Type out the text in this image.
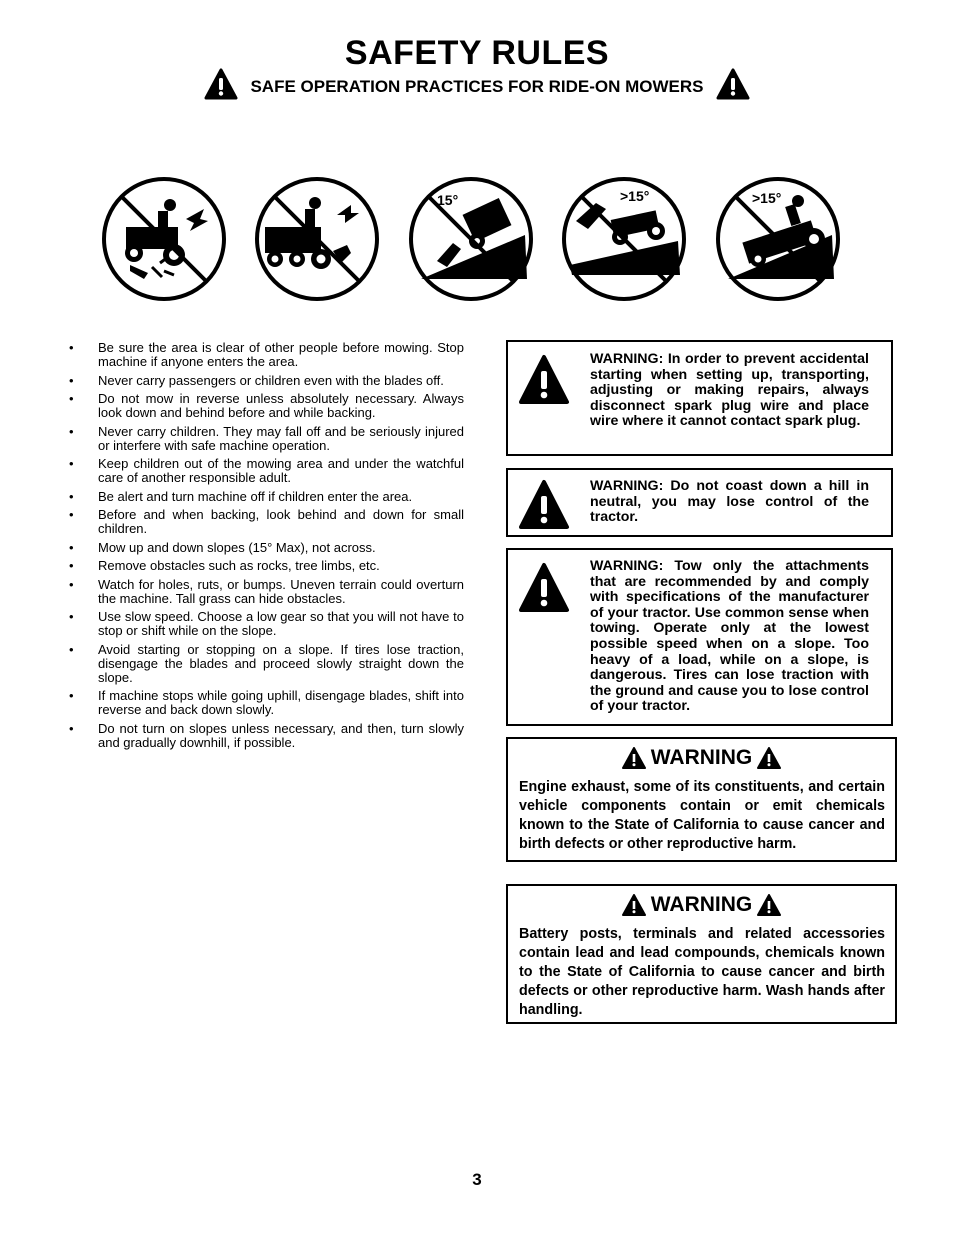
SAFETY RULES
SAFE OPERATION PRACTICES FOR RIDE-ON MOWERS
15°	>15°	>15°
• Be sure the area is clear of other people before mowing. Stop machine if anyone enters the area.
• Never carry passengers or children even with the blades off.
• Do not mow in reverse unless absolutely necessary. Always look down and behind before and while backing.
• Never carry children. They may fall off and be seriously injured or interfere with safe machine operation.
• Keep children out of the mowing area and under the watchful care of another responsible adult.
• Be alert and turn machine off if children enter the area.
• Before and when backing, look behind and down for small children.
• Mow up and down slopes (15° Max), not across.
• Remove obstacles such as rocks, tree limbs, etc.
• Watch for holes, ruts, or bumps. Uneven terrain could overturn the machine. Tall grass can hide obstacles.
• Use slow speed. Choose a low gear so that you will not have to stop or shift while on the slope.
• Avoid starting or stopping on a slope. If tires lose traction, disengage the blades and proceed slowly straight down the slope.
• If machine stops while going uphill, disengage blades, shift into reverse and back down slowly.
• Do not turn on slopes unless necessary, and then, turn slowly and gradually downhill, if possible.
WARNING: In order to prevent accidental starting when setting up, transporting, adjusting or making repairs, always disconnect spark plug wire and place wire where it cannot contact spark plug.
WARNING: Do not coast down a hill in neutral, you may lose control of the tractor.
WARNING: Tow only the attachments that are recommended by and comply with specifications of the manufacturer of your tractor. Use common sense when towing. Operate only at the lowest possible speed when on a slope. Too heavy of a load, while on a slope, is dangerous. Tires can lose traction with the ground and cause you to lose control of your tractor.
WARNING
Engine exhaust, some of its constituents, and certain vehicle components contain or emit chemicals known to the State of California to cause cancer and birth defects or other reproductive harm.
WARNING
Battery posts, terminals and related accessories contain lead and lead compounds, chemicals known to the State of California to cause cancer and birth defects or other reproductive harm. Wash hands after handling.
3
